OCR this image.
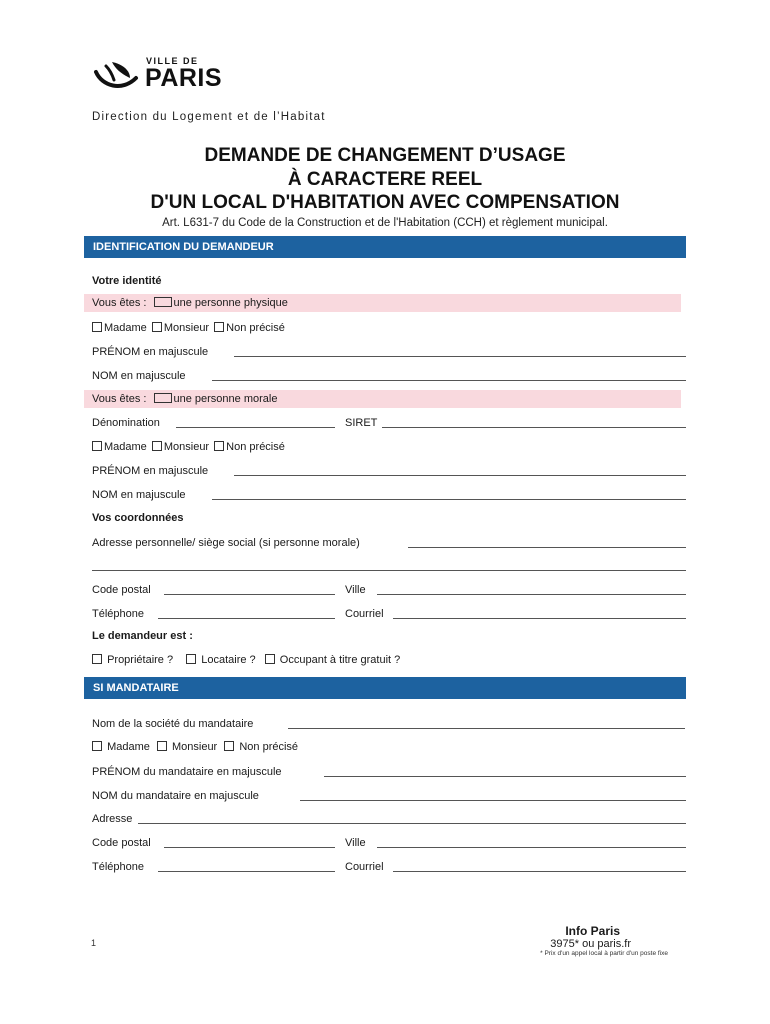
VILLE DE
PARIS
Direction du Logement et de l’Habitat
DEMANDE DE CHANGEMENT D’USAGE
À CARACTERE REEL
D'UN LOCAL D'HABITATION AVEC COMPENSATION
Art. L631-7 du Code de la Construction et de l'Habitation (CCH) et règlement municipal.
IDENTIFICATION DU DEMANDEUR
Votre identité
Vous êtes : une personne physique
Madame Monsieur Non précisé
PRÉNOM en majuscule
NOM en majuscule
Vous êtes : une personne morale
Dénomination	SIRET
Madame Monsieur Non précisé
PRÉNOM en majuscule
NOM en majuscule
Vos coordonnées
Adresse personnelle/ siège social (si personne morale)
Code postal	Ville
Téléphone	Courriel
Le demandeur est :
Propriétaire ?	Locataire ? Occupant à titre gratuit ?
SI MANDATAIRE
Nom de la société du mandataire
Madame Monsieur Non précisé
PRÉNOM du mandataire en majuscule
NOM du mandataire en majuscule
Adresse
Code postal	Ville
Téléphone	Courriel
1
Info Paris
3975* ou paris.fr
* Prix d'un appel local à partir d'un poste fixe
